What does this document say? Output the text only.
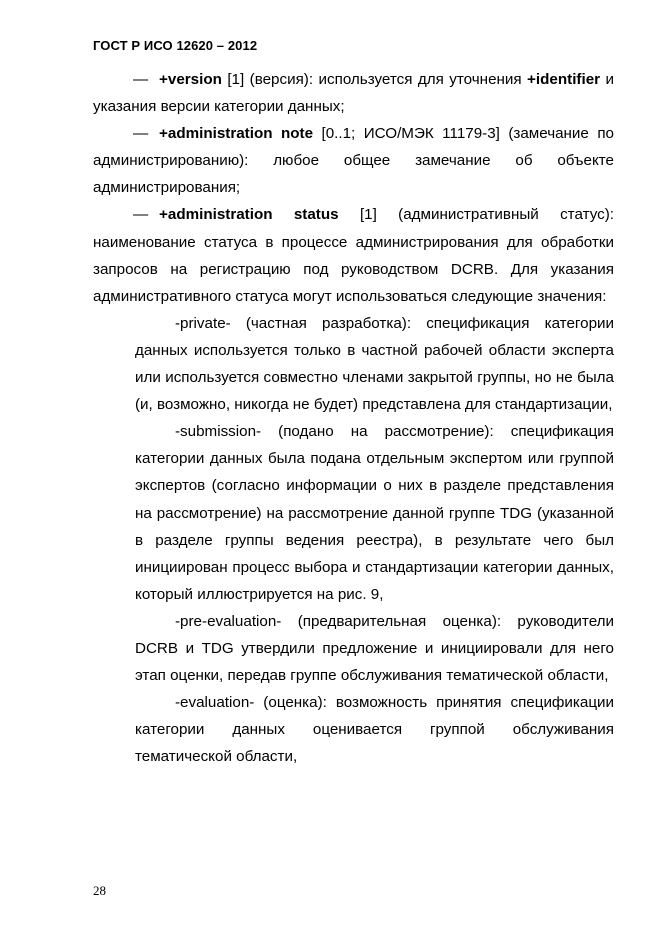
ГОСТ Р ИСО 12620 – 2012

— +version [1] (версия): используется для уточнения +identifier и указания версии категории данных;

— +administration note [0..1; ИСО/МЭК 11179-3] (замечание по администрированию): любое общее замечание об объекте администрирования;

— +administration status [1] (административный статус): наименование статуса в процессе администрирования для обработки запросов на регистрацию под руководством DCRB. Для указания административного статуса могут использоваться следующие значения:

-private- (частная разработка): спецификация категории данных используется только в частной рабочей области эксперта или используется совместно членами закрытой группы, но не была (и, возможно, никогда не будет) представлена для стандартизации,

-submission- (подано на рассмотрение): спецификация категории данных была подана отдельным экспертом или группой экспертов (согласно информации о них в разделе представления на рассмотрение) на рассмотрение данной группе TDG (указанной в разделе группы ведения реестра), в результате чего был инициирован процесс выбора и стандартизации категории данных, который иллюстрируется на рис. 9,

-pre-evaluation- (предварительная оценка): руководители DCRB и TDG утвердили предложение и инициировали для него этап оценки, передав группе обслуживания тематической области,

-evaluation- (оценка): возможность принятия спецификации категории данных оценивается группой обслуживания тематической области,

28
